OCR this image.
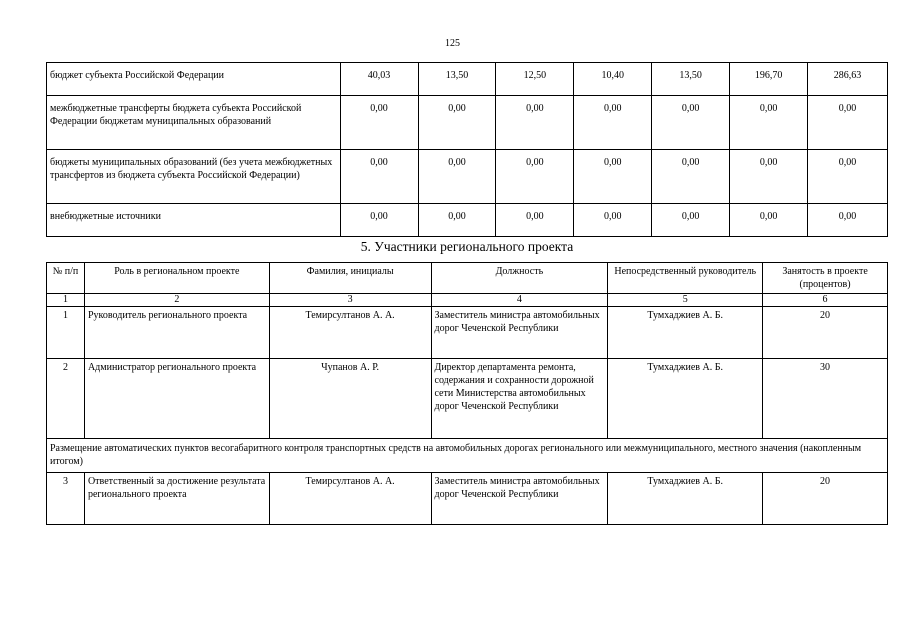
125
бюджет субъекта Российской Федерации	40,03	13,50	12,50	10,40	13,50	196,70	286,63
межбюджетные трансферты бюджета субъекта Российской Федерации бюджетам муниципальных образований	0,00	0,00	0,00	0,00	0,00	0,00	0,00
бюджеты муниципальных образований (без учета межбюджетных трансфертов из бюджета субъекта Российской Федерации)	0,00	0,00	0,00	0,00	0,00	0,00	0,00
внебюджетные источники	0,00	0,00	0,00	0,00	0,00	0,00	0,00
5. Участники регионального проекта
№ п/п	Роль в региональном проекте	Фамилия, инициалы	Должность	Непосредственный руководитель	Занятость в проекте (процентов)
1	2	3	4	5	6
1	Руководитель регионального проекта	Темирсултанов А. А.	Заместитель министра автомобильных дорог Чеченской Республики	Тумхаджиев А. Б.	20
2	Администратор регионального проекта	Чупанов А. Р.	Директор департамента ремонта, содержания и сохранности дорожной сети Министерства автомобильных дорог Чеченской Республики	Тумхаджиев А. Б.	30
Размещение автоматических пунктов весогабаритного контроля транспортных средств на автомобильных дорогах регионального или межмуниципального, местного значения (накопленным итогом)					
3	Ответственный за достижение результата регионального проекта	Темирсултанов А. А.	Заместитель министра автомобильных дорог Чеченской Республики	Тумхаджиев А. Б.	20
